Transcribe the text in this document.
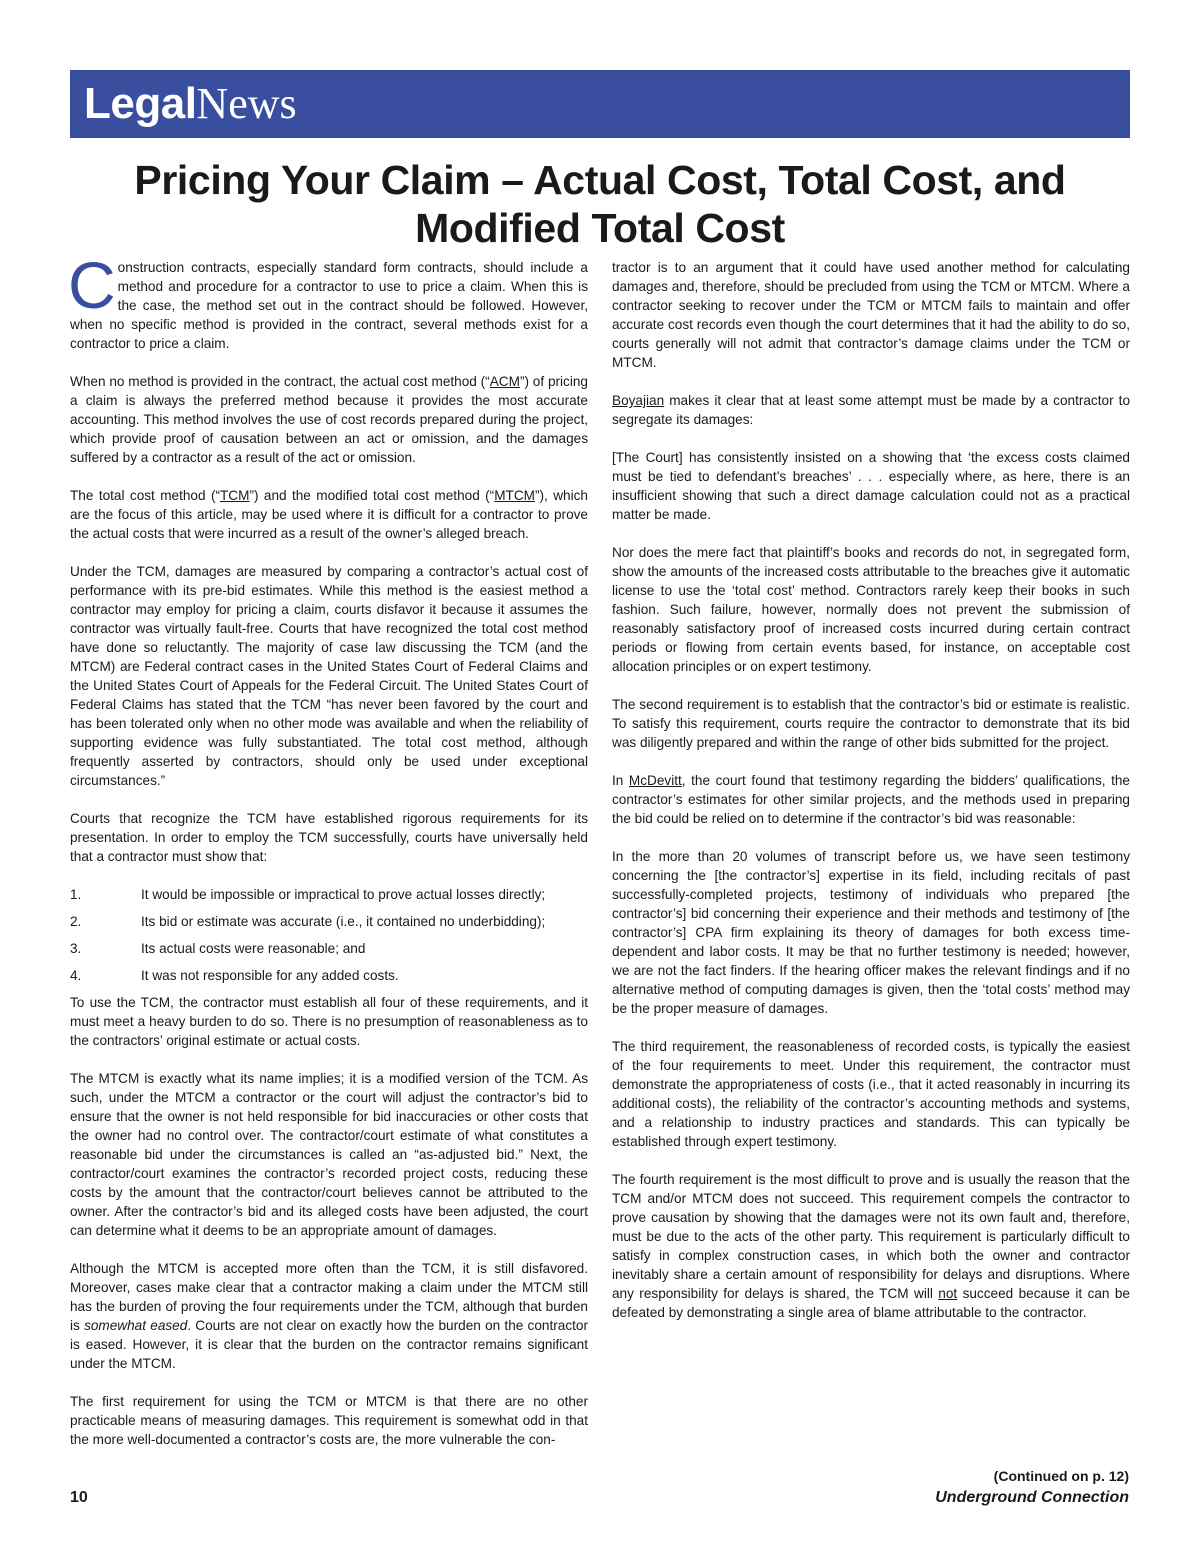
LegalNews
Pricing Your Claim – Actual Cost, Total Cost, and Modified Total Cost

Construction contracts, especially standard form contracts, should include a method and procedure for a contractor to use to price a claim. When this is the case, the method set out in the contract should be followed. However, when no specific method is provided in the contract, several methods exist for a contractor to price a claim.

When no method is provided in the contract, the actual cost method (“ACM”) of pricing a claim is always the preferred method because it provides the most accurate accounting. This method involves the use of cost records prepared during the project, which provide proof of causation between an act or omission, and the damages suffered by a contractor as a result of the act or omission.

The total cost method (“TCM”) and the modified total cost method (“MTCM”), which are the focus of this article, may be used where it is difficult for a contractor to prove the actual costs that were incurred as a result of the owner’s alleged breach.

Under the TCM, damages are measured by comparing a contractor’s actual cost of performance with its pre-bid estimates. While this method is the easiest method a contractor may employ for pricing a claim, courts disfavor it because it assumes the contractor was virtually fault-free. Courts that have recognized the total cost method have done so reluctantly. The majority of case law discussing the TCM (and the MTCM) are Federal contract cases in the United States Court of Federal Claims and the United States Court of Appeals for the Federal Circuit. The United States Court of Federal Claims has stated that the TCM “has never been favored by the court and has been tolerated only when no other mode was available and when the reliability of supporting evidence was fully substantiated. The total cost method, although frequently asserted by contractors, should only be used under exceptional circumstances.”

Courts that recognize the TCM have established rigorous requirements for its presentation. In order to employ the TCM successfully, courts have universally held that a contractor must show that:

1.	It would be impossible or impractical to prove actual losses directly;
2.	Its bid or estimate was accurate (i.e., it contained no underbidding);
3.	Its actual costs were reasonable; and
4.	It was not responsible for any added costs.

To use the TCM, the contractor must establish all four of these requirements, and it must meet a heavy burden to do so. There is no presumption of reasonableness as to the contractors’ original estimate or actual costs.

The MTCM is exactly what its name implies; it is a modified version of the TCM. As such, under the MTCM a contractor or the court will adjust the contractor’s bid to ensure that the owner is not held responsible for bid inaccuracies or other costs that the owner had no control over. The contractor/court estimate of what constitutes a reasonable bid under the circumstances is called an “as-adjusted bid.” Next, the contractor/court examines the contractor’s recorded project costs, reducing these costs by the amount that the contractor/court believes cannot be attributed to the owner. After the contractor’s bid and its alleged costs have been adjusted, the court can determine what it deems to be an appropriate amount of damages.

Although the MTCM is accepted more often than the TCM, it is still disfavored. Moreover, cases make clear that a contractor making a claim under the MTCM still has the burden of proving the four requirements under the TCM, although that burden is somewhat eased. Courts are not clear on exactly how the burden on the contractor is eased. However, it is clear that the burden on the contractor remains significant under the MTCM.

The first requirement for using the TCM or MTCM is that there are no other practicable means of measuring damages. This requirement is somewhat odd in that the more well-documented a contractor’s costs are, the more vulnerable the con-

tractor is to an argument that it could have used another method for calculating damages and, therefore, should be precluded from using the TCM or MTCM. Where a contractor seeking to recover under the TCM or MTCM fails to maintain and offer accurate cost records even though the court determines that it had the ability to do so, courts generally will not admit that contractor’s damage claims under the TCM or MTCM.

Boyajian makes it clear that at least some attempt must be made by a contractor to segregate its damages:

[The Court] has consistently insisted on a showing that ‘the excess costs claimed must be tied to defendant’s breaches’ . . . especially where, as here, there is an insufficient showing that such a direct damage calculation could not as a practical matter be made.

Nor does the mere fact that plaintiff’s books and records do not, in segregated form, show the amounts of the increased costs attributable to the breaches give it automatic license to use the ‘total cost’ method. Contractors rarely keep their books in such fashion. Such failure, however, normally does not prevent the submission of reasonably satisfactory proof of increased costs incurred during certain contract periods or flowing from certain events based, for instance, on acceptable cost allocation principles or on expert testimony.

The second requirement is to establish that the contractor’s bid or estimate is realistic. To satisfy this requirement, courts require the contractor to demonstrate that its bid was diligently prepared and within the range of other bids submitted for the project.

In McDevitt, the court found that testimony regarding the bidders’ qualifications, the contractor’s estimates for other similar projects, and the methods used in preparing the bid could be relied on to determine if the contractor’s bid was reasonable:

In the more than 20 volumes of transcript before us, we have seen testimony concerning the [the contractor’s] expertise in its field, including recitals of past successfully-completed projects, testimony of individuals who prepared [the contractor’s] bid concerning their experience and their methods and testimony of [the contractor’s] CPA firm explaining its theory of damages for both excess time-dependent and labor costs. It may be that no further testimony is needed; however, we are not the fact finders. If the hearing officer makes the relevant findings and if no alternative method of computing damages is given, then the ‘total costs’ method may be the proper measure of damages.

The third requirement, the reasonableness of recorded costs, is typically the easiest of the four requirements to meet. Under this requirement, the contractor must demonstrate the appropriateness of costs (i.e., that it acted reasonably in incurring its additional costs), the reliability of the contractor’s accounting methods and systems, and a relationship to industry practices and standards. This can typically be established through expert testimony.

The fourth requirement is the most difficult to prove and is usually the reason that the TCM and/or MTCM does not succeed. This requirement compels the contractor to prove causation by showing that the damages were not its own fault and, therefore, must be due to the acts of the other party. This requirement is particularly difficult to satisfy in complex construction cases, in which both the owner and contractor inevitably share a certain amount of responsibility for delays and disruptions. Where any responsibility for delays is shared, the TCM will not succeed because it can be defeated by demonstrating a single area of blame attributable to the contractor.

(Continued on p. 12)
10	Underground Connection
